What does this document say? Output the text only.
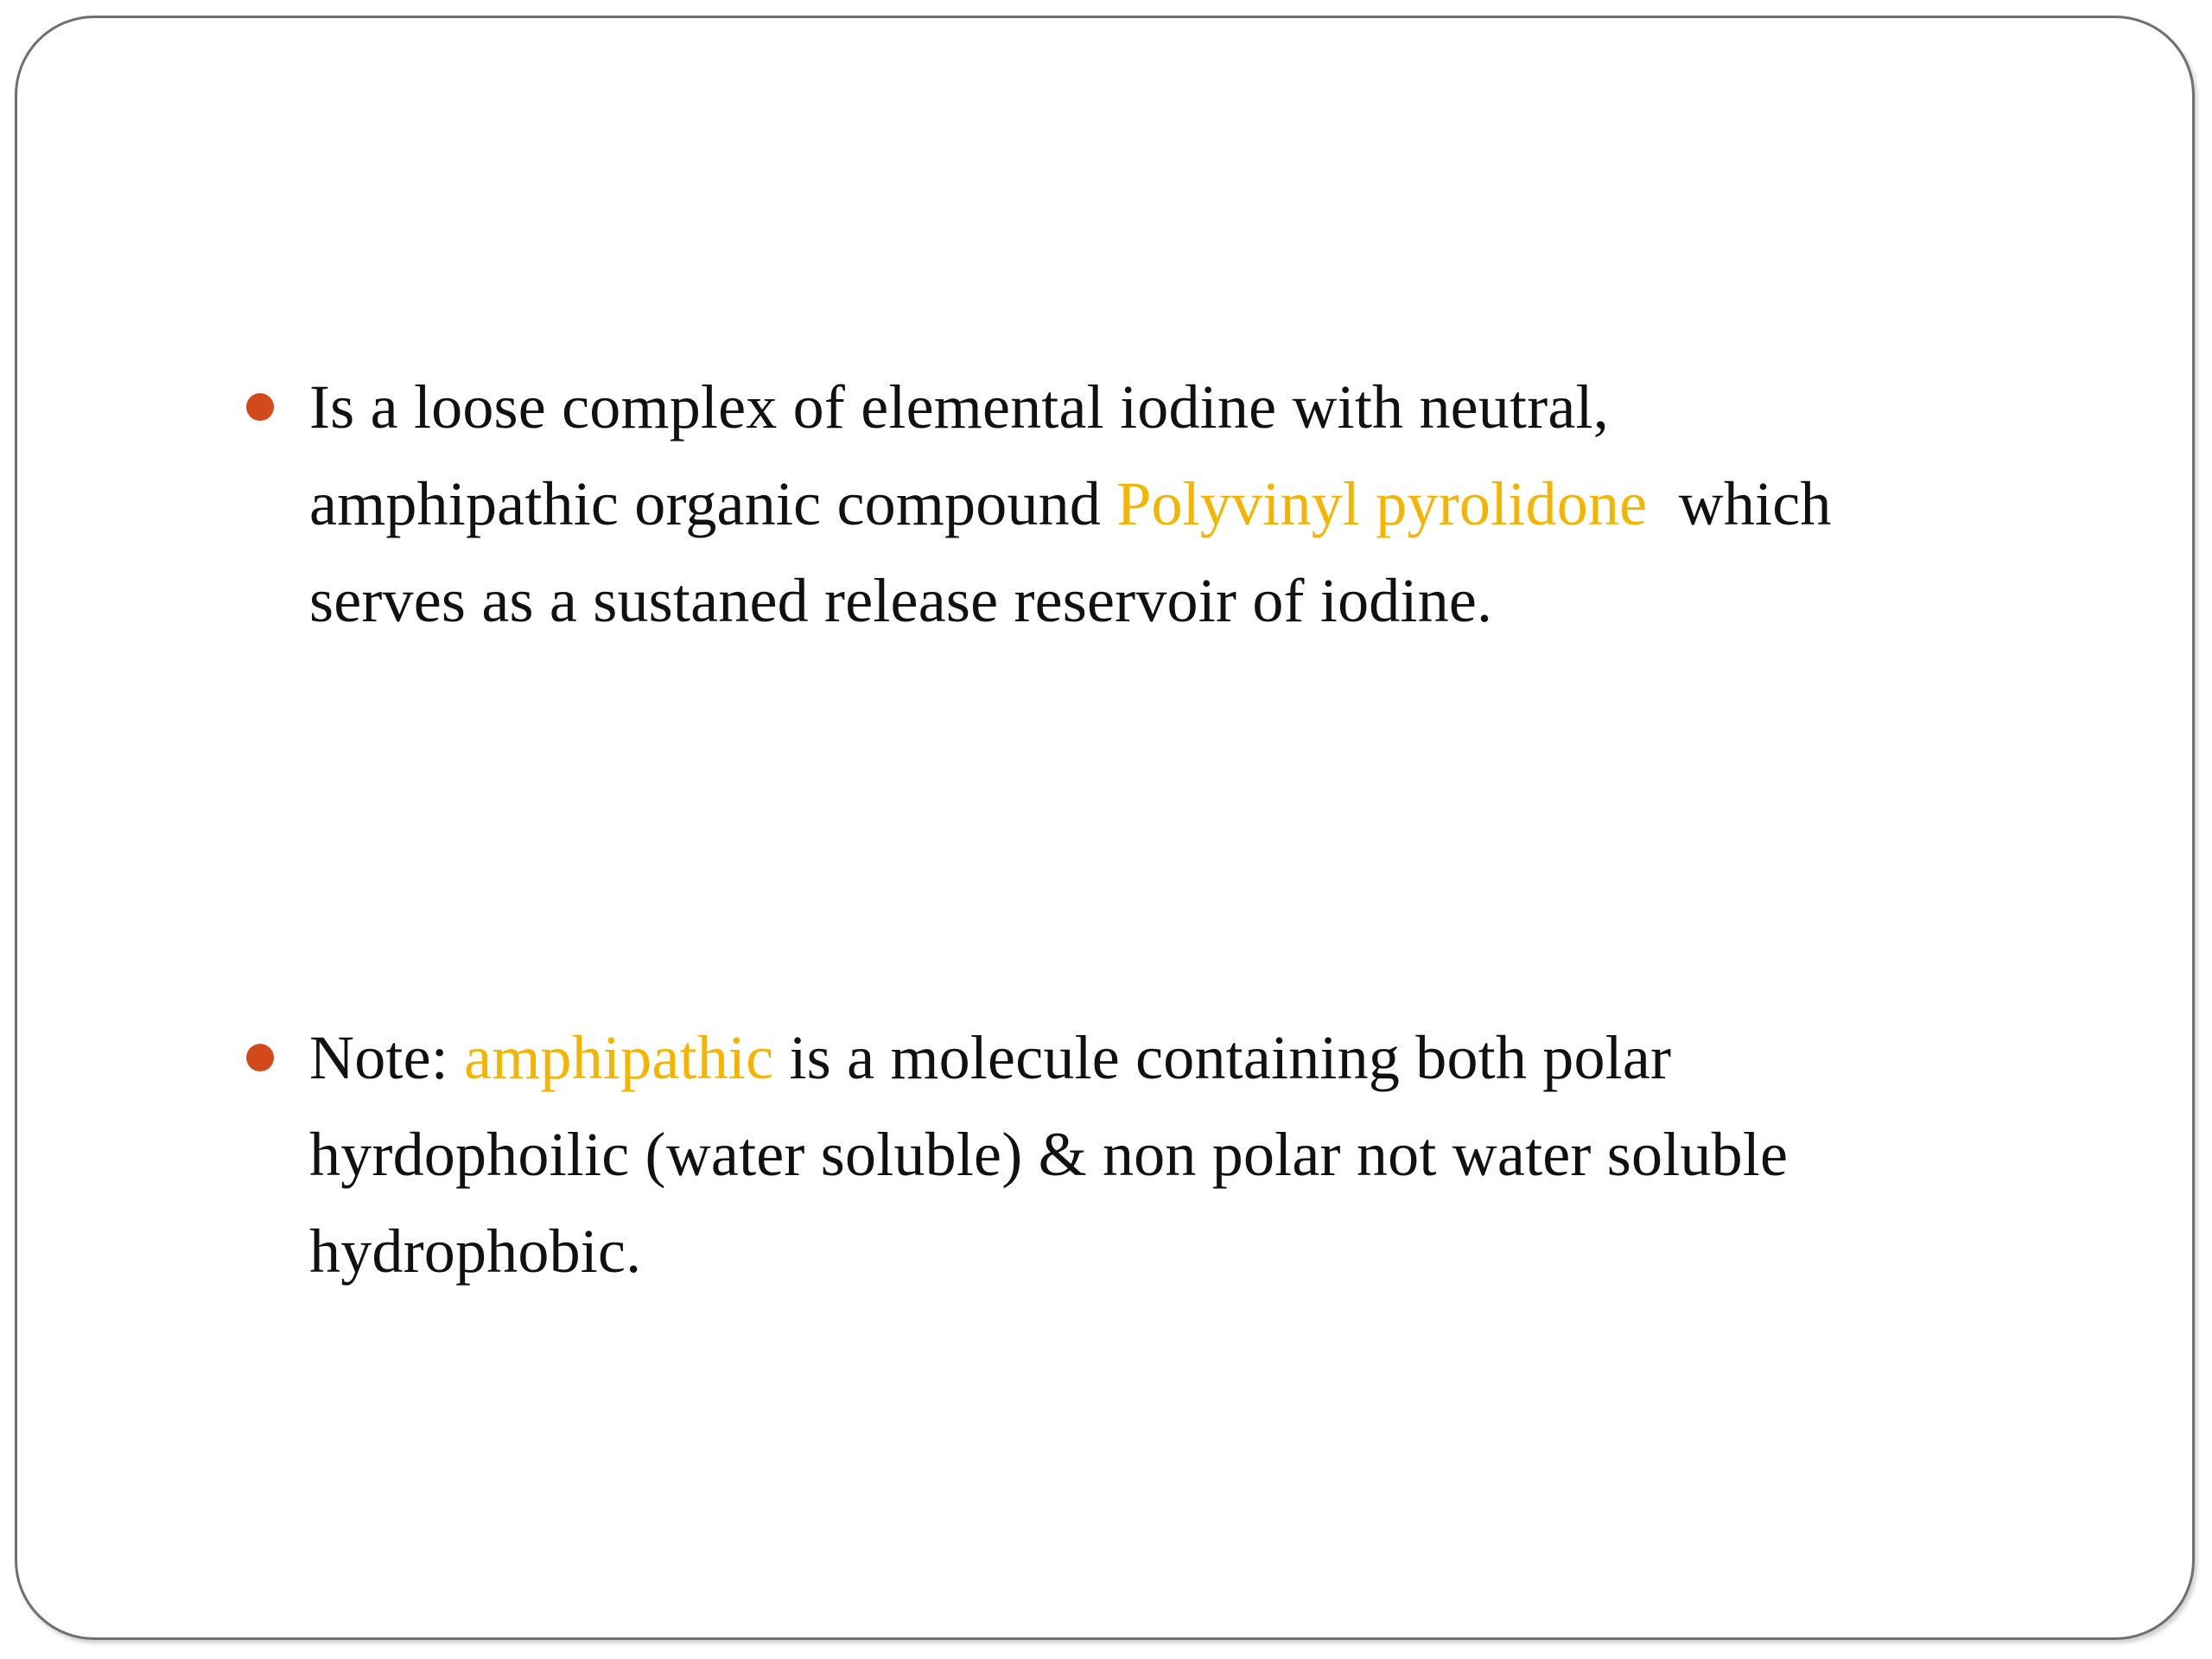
Is a loose complex of elemental iodine with neutral,
amphipathic organic compound Polyvinyl pyrolidone  which
serves as a sustaned release reservoir of iodine.
Note: amphipathic is a molecule containing both polar
hyrdophoilic (water soluble) & non polar not water soluble
hydrophobic.
